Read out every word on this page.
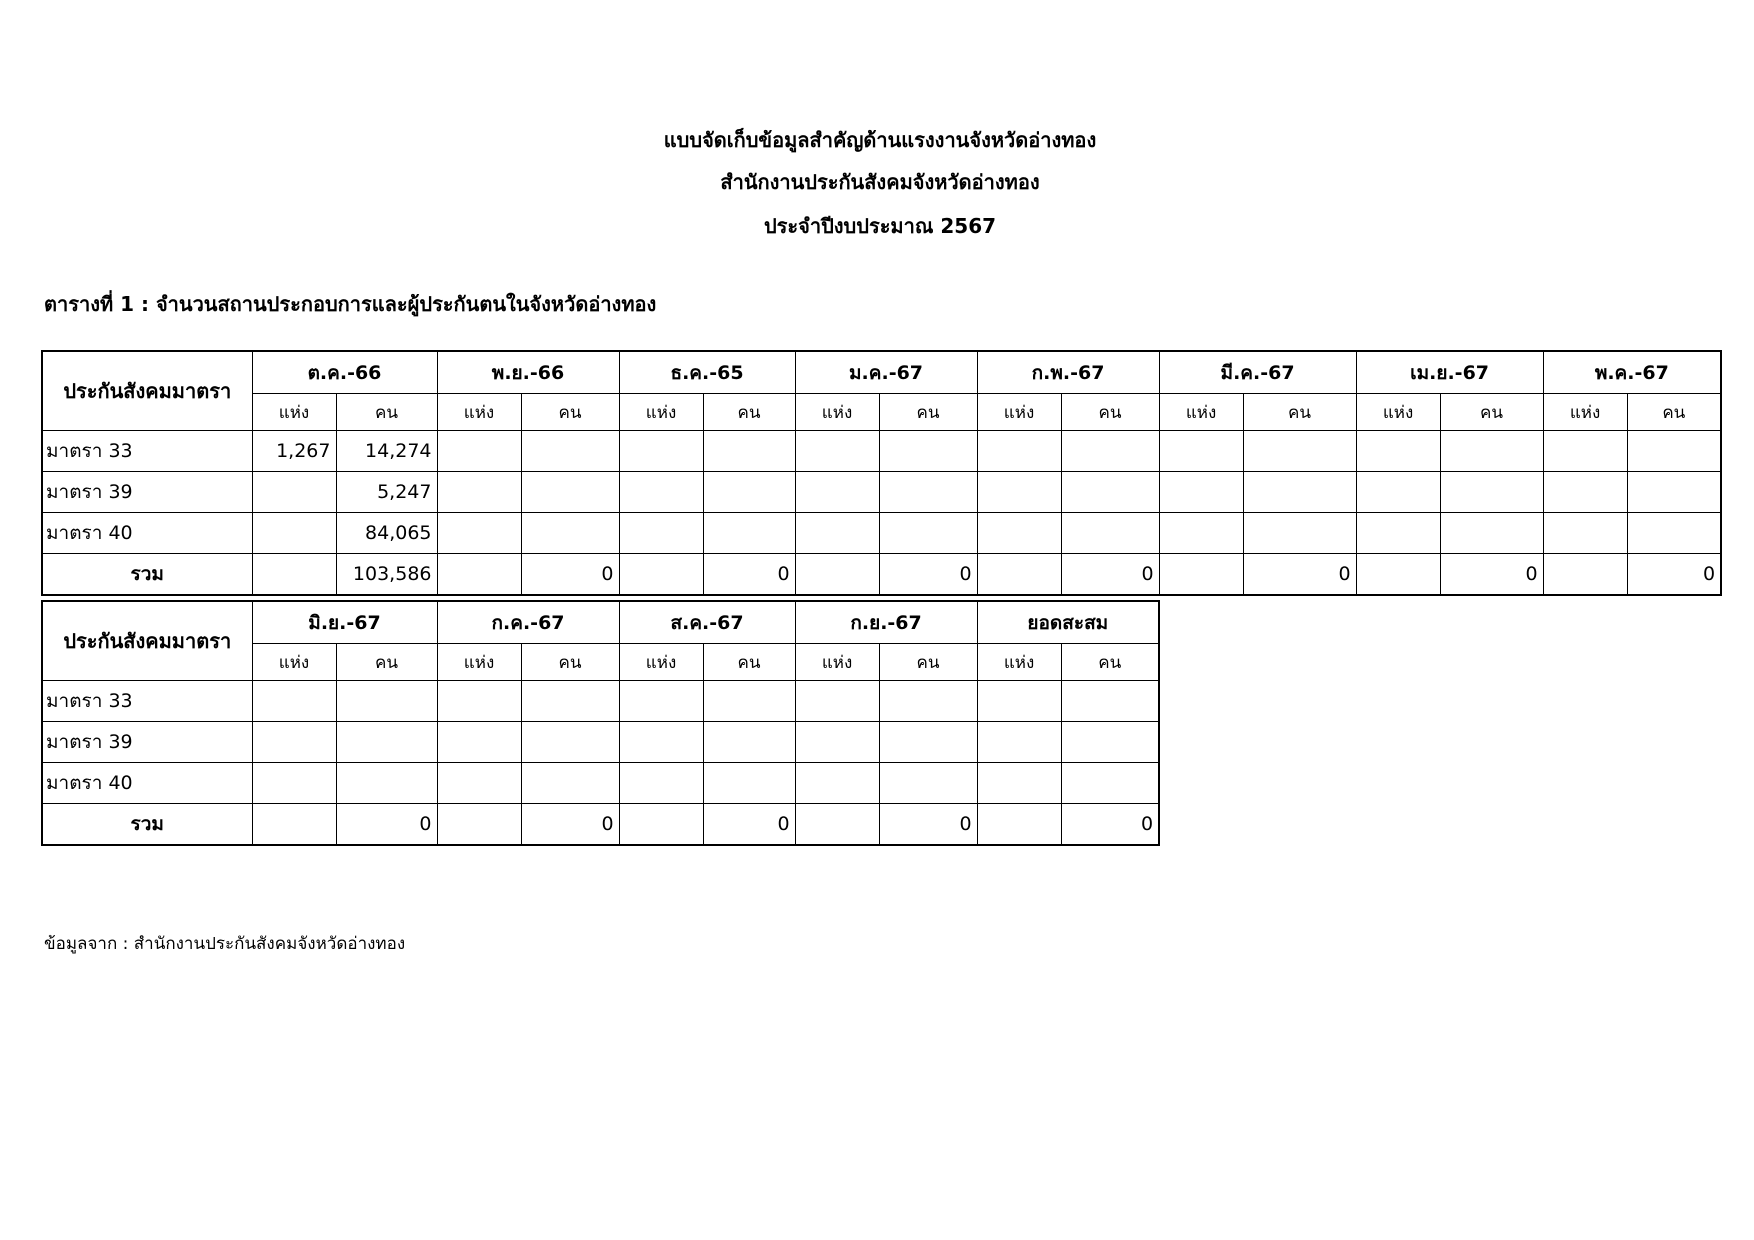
แบบจัดเก็บข้อมูลสำคัญด้านแรงงานจังหวัดอ่างทอง
สำนักงานประกันสังคมจังหวัดอ่างทอง
ประจำปีงบประมาณ 2567
ตารางที่ 1 : จำนวนสถานประกอบการและผู้ประกันตนในจังหวัดอ่างทอง
ประกันสังคมมาตรา	ต.ค.-66		พ.ย.-66		ธ.ค.-65		ม.ค.-67		ก.พ.-67		มี.ค.-67		เม.ย.-67		พ.ค.-67	
	แห่ง	คน	แห่ง	คน	แห่ง	คน	แห่ง	คน	แห่ง	คน	แห่ง	คน	แห่ง	คน	แห่ง	คน
มาตรา 33	1,267	14,274														
มาตรา 39		5,247														
มาตรา 40		84,065														
รวม		103,586		0		0		0		0		0		0		0
ประกันสังคมมาตรา	มิ.ย.-67		ก.ค.-67		ส.ค.-67		ก.ย.-67		ยอดสะสม	
	แห่ง	คน	แห่ง	คน	แห่ง	คน	แห่ง	คน	แห่ง	คน
มาตรา 33										
มาตรา 39										
มาตรา 40										
รวม		0		0		0		0		0
ข้อมูลจาก : สำนักงานประกันสังคมจังหวัดอ่างทอง
